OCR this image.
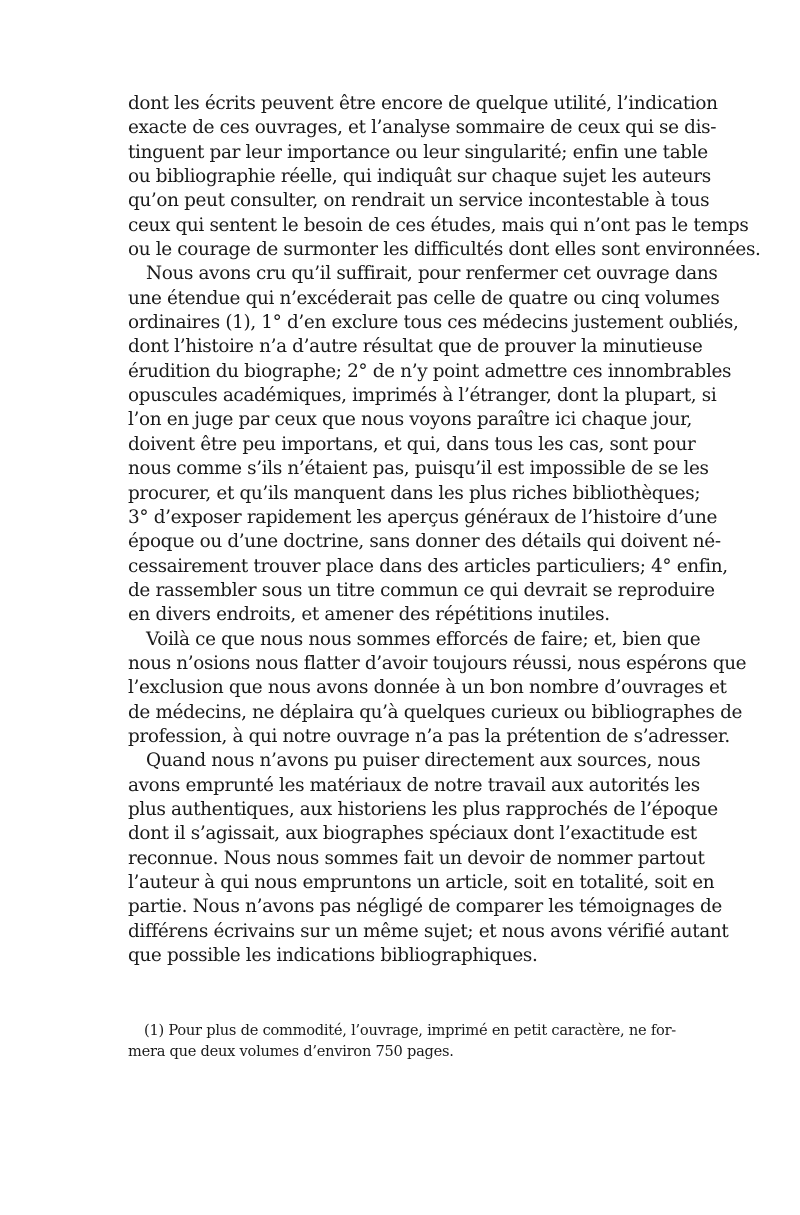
dont les écrits peuvent être encore de quelque utilité, l’indication
exacte de ces ouvrages, et l’analyse sommaire de ceux qui se dis-
tinguent par leur importance ou leur singularité; enfin une table
ou bibliographie réelle, qui indiquât sur chaque sujet les auteurs
qu’on peut consulter, on rendrait un service incontestable à tous
ceux qui sentent le besoin de ces études, mais qui n’ont pas le temps
ou le courage de surmonter les difficultés dont elles sont environnées.
Nous avons cru qu’il suffirait, pour renfermer cet ouvrage dans
une étendue qui n’excéderait pas celle de quatre ou cinq volumes
ordinaires (1), 1° d’en exclure tous ces médecins justement oubliés,
dont l’histoire n’a d’autre résultat que de prouver la minutieuse
érudition du biographe; 2° de n’y point admettre ces innombrables
opuscules académiques, imprimés à l’étranger, dont la plupart, si
l’on en juge par ceux que nous voyons paraître ici chaque jour,
doivent être peu importans, et qui, dans tous les cas, sont pour
nous comme s’ils n’étaient pas, puisqu’il est impossible de se les
procurer, et qu’ils manquent dans les plus riches bibliothèques;
3° d’exposer rapidement les aperçus généraux de l’histoire d’une
époque ou d’une doctrine, sans donner des détails qui doivent né-
cessairement trouver place dans des articles particuliers; 4° enfin,
de rassembler sous un titre commun ce qui devrait se reproduire
en divers endroits, et amener des répétitions inutiles.
Voilà ce que nous nous sommes efforcés de faire; et, bien que
nous n’osions nous flatter d’avoir toujours réussi, nous espérons que
l’exclusion que nous avons donnée à un bon nombre d’ouvrages et
de médecins, ne déplaira qu’à quelques curieux ou bibliographes de
profession, à qui notre ouvrage n’a pas la prétention de s’adresser.
Quand nous n’avons pu puiser directement aux sources, nous
avons emprunté les matériaux de notre travail aux autorités les
plus authentiques, aux historiens les plus rapprochés de l’époque
dont il s’agissait, aux biographes spéciaux dont l’exactitude est
reconnue. Nous nous sommes fait un devoir de nommer partout
l’auteur à qui nous empruntons un article, soit en totalité, soit en
partie. Nous n’avons pas négligé de comparer les témoignages de
différens écrivains sur un même sujet; et nous avons vérifié autant
que possible les indications bibliographiques.
(1) Pour plus de commodité, l’ouvrage, imprimé en petit caractère, ne for-
mera que deux volumes d’environ 750 pages.
